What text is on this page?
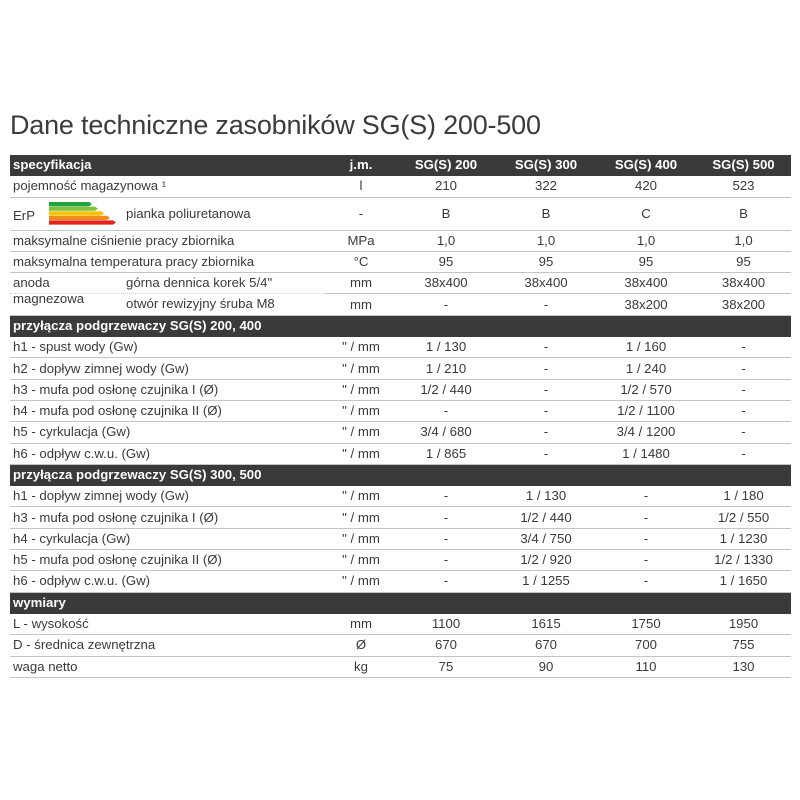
Dane techniczne zasobników SG(S) 200-500
specyfikacja	j.m.	SG(S) 200	SG(S) 300	SG(S) 400	SG(S) 500
pojemność magazynowa ¹	l	210	322	420	523

ErP pianka poliuretanowa	-	B	B	C	B
maksymalne ciśnienie pracy zbiornika	MPa	1,0	1,0	1,0	1,0
maksymalna temperatura pracy zbiornika	°C	95	95	95	95

anoda
magnezowa
górna dennica korek 5/4"	mm	38x400	38x400	38x400	38x400

otwór rewizyjny śruba M8	mm	-	-	38x200	38x200
przyłącza podgrzewaczy SG(S) 200, 400					
h1 - spust wody (Gw)	" / mm	1 / 130	-	1 / 160	-
h2 - dopływ zimnej wody (Gw)	" / mm	1 / 210	-	1 / 240	-
h3 - mufa pod osłonę czujnika I (Ø)	" / mm	1/2 / 440	-	1/2 / 570	-
h4 - mufa pod osłonę czujnika II (Ø)	" / mm	-	-	1/2 / 1100	-
h5 - cyrkulacja (Gw)	" / mm	3/4 / 680	-	3/4 / 1200	-
h6 - odpływ c.w.u. (Gw)	" / mm	1 / 865	-	1 / 1480	-
przyłącza podgrzewaczy SG(S) 300, 500					
h1 - dopływ zimnej wody (Gw)	" / mm	-	1 / 130	-	1 / 180
h3 - mufa pod osłonę czujnika I (Ø)	" / mm	-	1/2 / 440	-	1/2 / 550
h4 - cyrkulacja (Gw)	" / mm	-	3/4 / 750	-	1 / 1230
h5 - mufa pod osłonę czujnika II (Ø)	" / mm	-	1/2 / 920	-	1/2 / 1330
h6 - odpływ c.w.u. (Gw)	" / mm	-	1 / 1255	-	1 / 1650
wymiary					
L - wysokość	mm	1100	1615	1750	1950
D - średnica zewnętrzna	Ø	670	670	700	755
waga netto	kg	75	90	110	130
